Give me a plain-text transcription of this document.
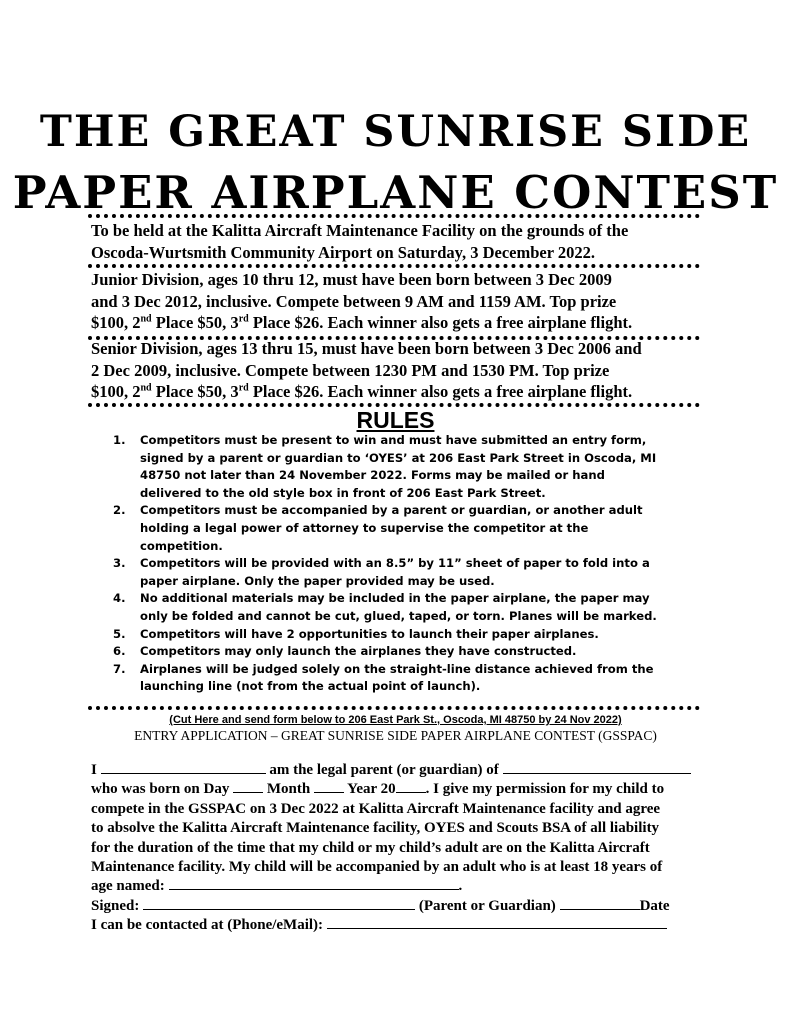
THE GREAT SUNRISE SIDE
PAPER AIRPLANE CONTEST
To be held at the Kalitta Aircraft Maintenance Facility on the grounds of the
Oscoda-Wurtsmith Community Airport on Saturday, 3 December 2022.
Junior Division, ages 10 thru 12, must have been born between 3 Dec 2009
and 3 Dec 2012, inclusive. Compete between 9 AM and 1159 AM. Top prize
$100, 2nd Place $50, 3rd Place $26. Each winner also gets a free airplane flight.
Senior Division, ages 13 thru 15, must have been born between 3 Dec 2006 and
2 Dec 2009, inclusive. Compete between 1230 PM and 1530 PM. Top prize
$100, 2nd Place $50, 3rd Place $26. Each winner also gets a free airplane flight.
RULES
1. Competitors must be present to win and must have submitted an entry form,
signed by a parent or guardian to ‘OYES’ at 206 East Park Street in Oscoda, MI
48750 not later than 24 November 2022. Forms may be mailed or hand
delivered to the old style box in front of 206 East Park Street.
2. Competitors must be accompanied by a parent or guardian, or another adult
holding a legal power of attorney to supervise the competitor at the
competition.
3. Competitors will be provided with an 8.5” by 11” sheet of paper to fold into a
paper airplane. Only the paper provided may be used.
4. No additional materials may be included in the paper airplane, the paper may
only be folded and cannot be cut, glued, taped, or torn. Planes will be marked.
5. Competitors will have 2 opportunities to launch their paper airplanes.
6. Competitors may only launch the airplanes they have constructed.
7. Airplanes will be judged solely on the straight-line distance achieved from the
launching line (not from the actual point of launch).
(Cut Here and send form below to 206 East Park St., Oscoda, MI 48750 by 24 Nov 2022)
ENTRY APPLICATION – GREAT SUNRISE SIDE PAPER AIRPLANE CONTEST (GSSPAC)
I	am the legal parent (or guardian) of
who was born on Day  Month  Year 20 . I give my permission for my child to
compete in the GSSPAC on 3 Dec 2022 at Kalitta Aircraft Maintenance facility and agree
to absolve the Kalitta Aircraft Maintenance facility, OYES and Scouts BSA of all liability
for the duration of the time that my child or my child’s adult are on the Kalitta Aircraft
Maintenance facility. My child will be accompanied by an adult who is at least 18 years of
age named:	.
Signed:	(Parent or Guardian)	Date
I can be contacted at (Phone/eMail):
